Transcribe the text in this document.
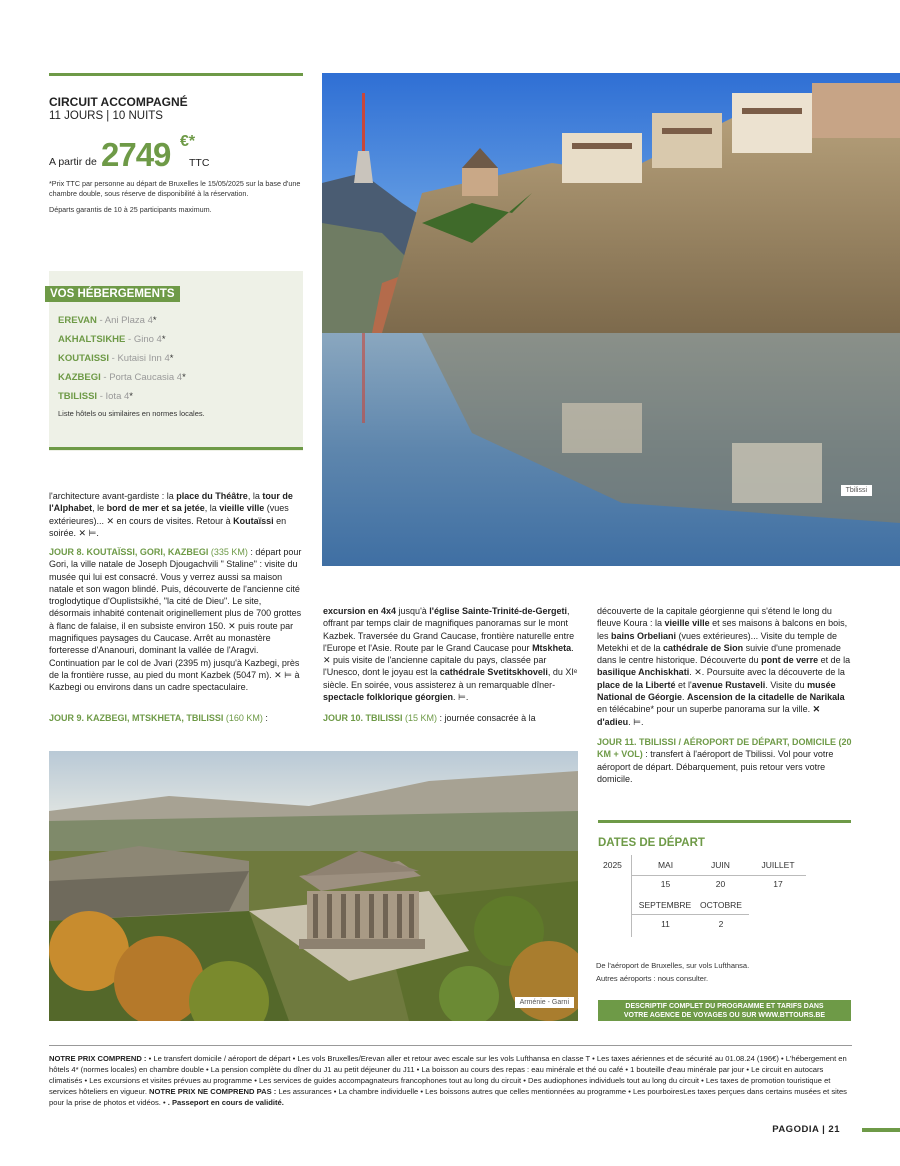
CIRCUIT ACCOMPAGNÉ
11 JOURS | 10 NUITS
A partir de 2749 €*
TTC
*Prix TTC par personne au départ de Bruxelles le 15/05/2025 sur la base d'une chambre double, sous réserve de disponibilité à la réservation.
Départs garantis de 10 à 25 participants maximum.
VOS HÉBERGEMENTS
EREVAN - Ani Plaza 4*
AKHALTSIKHE - Gino 4*
KOUTAISSI - Kutaisi Inn 4*
KAZBEGI - Porta Caucasia 4*
TBILISSI - Iota 4*
Liste hôtels ou similaires en normes locales.
Tbilissi
l'architecture avant-gardiste : la place du Théâtre, la tour de l'Alphabet, le bord de mer et sa jetée, la vieille ville (vues extérieures)... ✕ en cours de visites. Retour à Koutaïssi en soirée. ✕ ⊨.
JOUR 8. KOUTAÏSSI, GORI, KAZBEGI (335 KM) : départ pour Gori, la ville natale de Joseph Djougachvili " Staline" : visite du musée qui lui est consacré. Vous y verrez aussi sa maison natale et son wagon blindé. Puis, découverte de l'ancienne cité troglodytique d'Ouplistsikhé, "la cité de Dieu". Le site, désormais inhabité contenait originellement plus de 700 grottes à flanc de falaise, il en subsiste environ 150. ✕ puis route par magnifiques paysages du Caucase. Arrêt au monastère forteresse d'Ananouri, dominant la vallée de l'Aragvi. Continuation par le col de Jvari (2395 m) jusqu'à Kazbegi, près de la frontière russe, au pied du mont Kazbek (5047 m). ✕ ⊨ à Kazbegi ou environs dans un cadre spectaculaire.
JOUR 9. KAZBEGI, MTSKHETA, TBILISSI (160 KM) :
excursion en 4x4 jusqu'à l'église Sainte-Trinité-de-Gergeti, offrant par temps clair de magnifiques panoramas sur le mont Kazbek. Traversée du Grand Caucase, frontière naturelle entre l'Europe et l'Asie. Route par le Grand Caucase pour Mtskheta. ✕ puis visite de l'ancienne capitale du pays, classée par l'Unesco, dont le joyau est la cathédrale Svetitskhoveli, du XIᵉ siècle. En soirée, vous assisterez à un remarquable dîner-spectacle folklorique géorgien. ⊨.
JOUR 10. TBILISSI (15 KM) : journée consacrée à la
découverte de la capitale géorgienne qui s'étend le long du fleuve Koura : la vieille ville et ses maisons à balcons en bois, les bains Orbeliani (vues extérieures)... Visite du temple de Metekhi et de la cathédrale de Sion suivie d'une promenade dans le centre historique. Découverte du pont de verre et de la basilique Anchiskhati. ✕. Poursuite avec la découverte de la place de la Liberté et l'avenue Rustaveli. Visite du musée National de Géorgie. Ascension de la citadelle de Narikala en télécabine* pour un superbe panorama sur la ville. ✕ d'adieu. ⊨.
JOUR 11. TBILISSI / AÉROPORT DE DÉPART, DOMICILE (20 KM + VOL) : transfert à l'aéroport de Tbilissi. Vol pour votre aéroport de départ. Débarquement, puis retour vers votre domicile.
Arménie - Garni
DATES DE DÉPART
2025	MAI	JUIN	JUILLET
15	20	17
SEPTEMBRE	OCTOBRE
11	2
De l'aéroport de Bruxelles, sur vols Lufthansa.
Autres aéroports : nous consulter.
DESCRIPTIF COMPLET DU PROGRAMME ET TARIFS DANS
VOTRE AGENCE DE VOYAGES OU SUR WWW.BTTOURS.BE
NOTRE PRIX COMPREND : • Le transfert domicile / aéroport de départ • Les vols Bruxelles/Erevan aller et retour avec escale sur les vols Lufthansa en classe T • Les taxes aériennes et de sécurité au 01.08.24 (196€) • L'hébergement en hôtels 4* (normes locales) en chambre double • La pension complète du dîner du J1 au petit déjeuner du J11 • La boisson au cours des repas : eau minérale et thé ou café • 1 bouteille d'eau minérale par jour • Le circuit en autocars climatisés • Les excursions et visites prévues au programme • Les services de guides accompagnateurs francophones tout au long du circuit • Des audiophones individuels tout au long du circuit • Les taxes de promotion touristique et services hôteliers en vigueur. NOTRE PRIX NE COMPREND PAS : Les assurances • La chambre individuelle • Les boissons autres que celles mentionnées au programme • Les pourboiresLes taxes perçues dans certains musées et sites pour la prise de photos et vidéos. • . Passeport en cours de validité.
PAGODIA | 21
